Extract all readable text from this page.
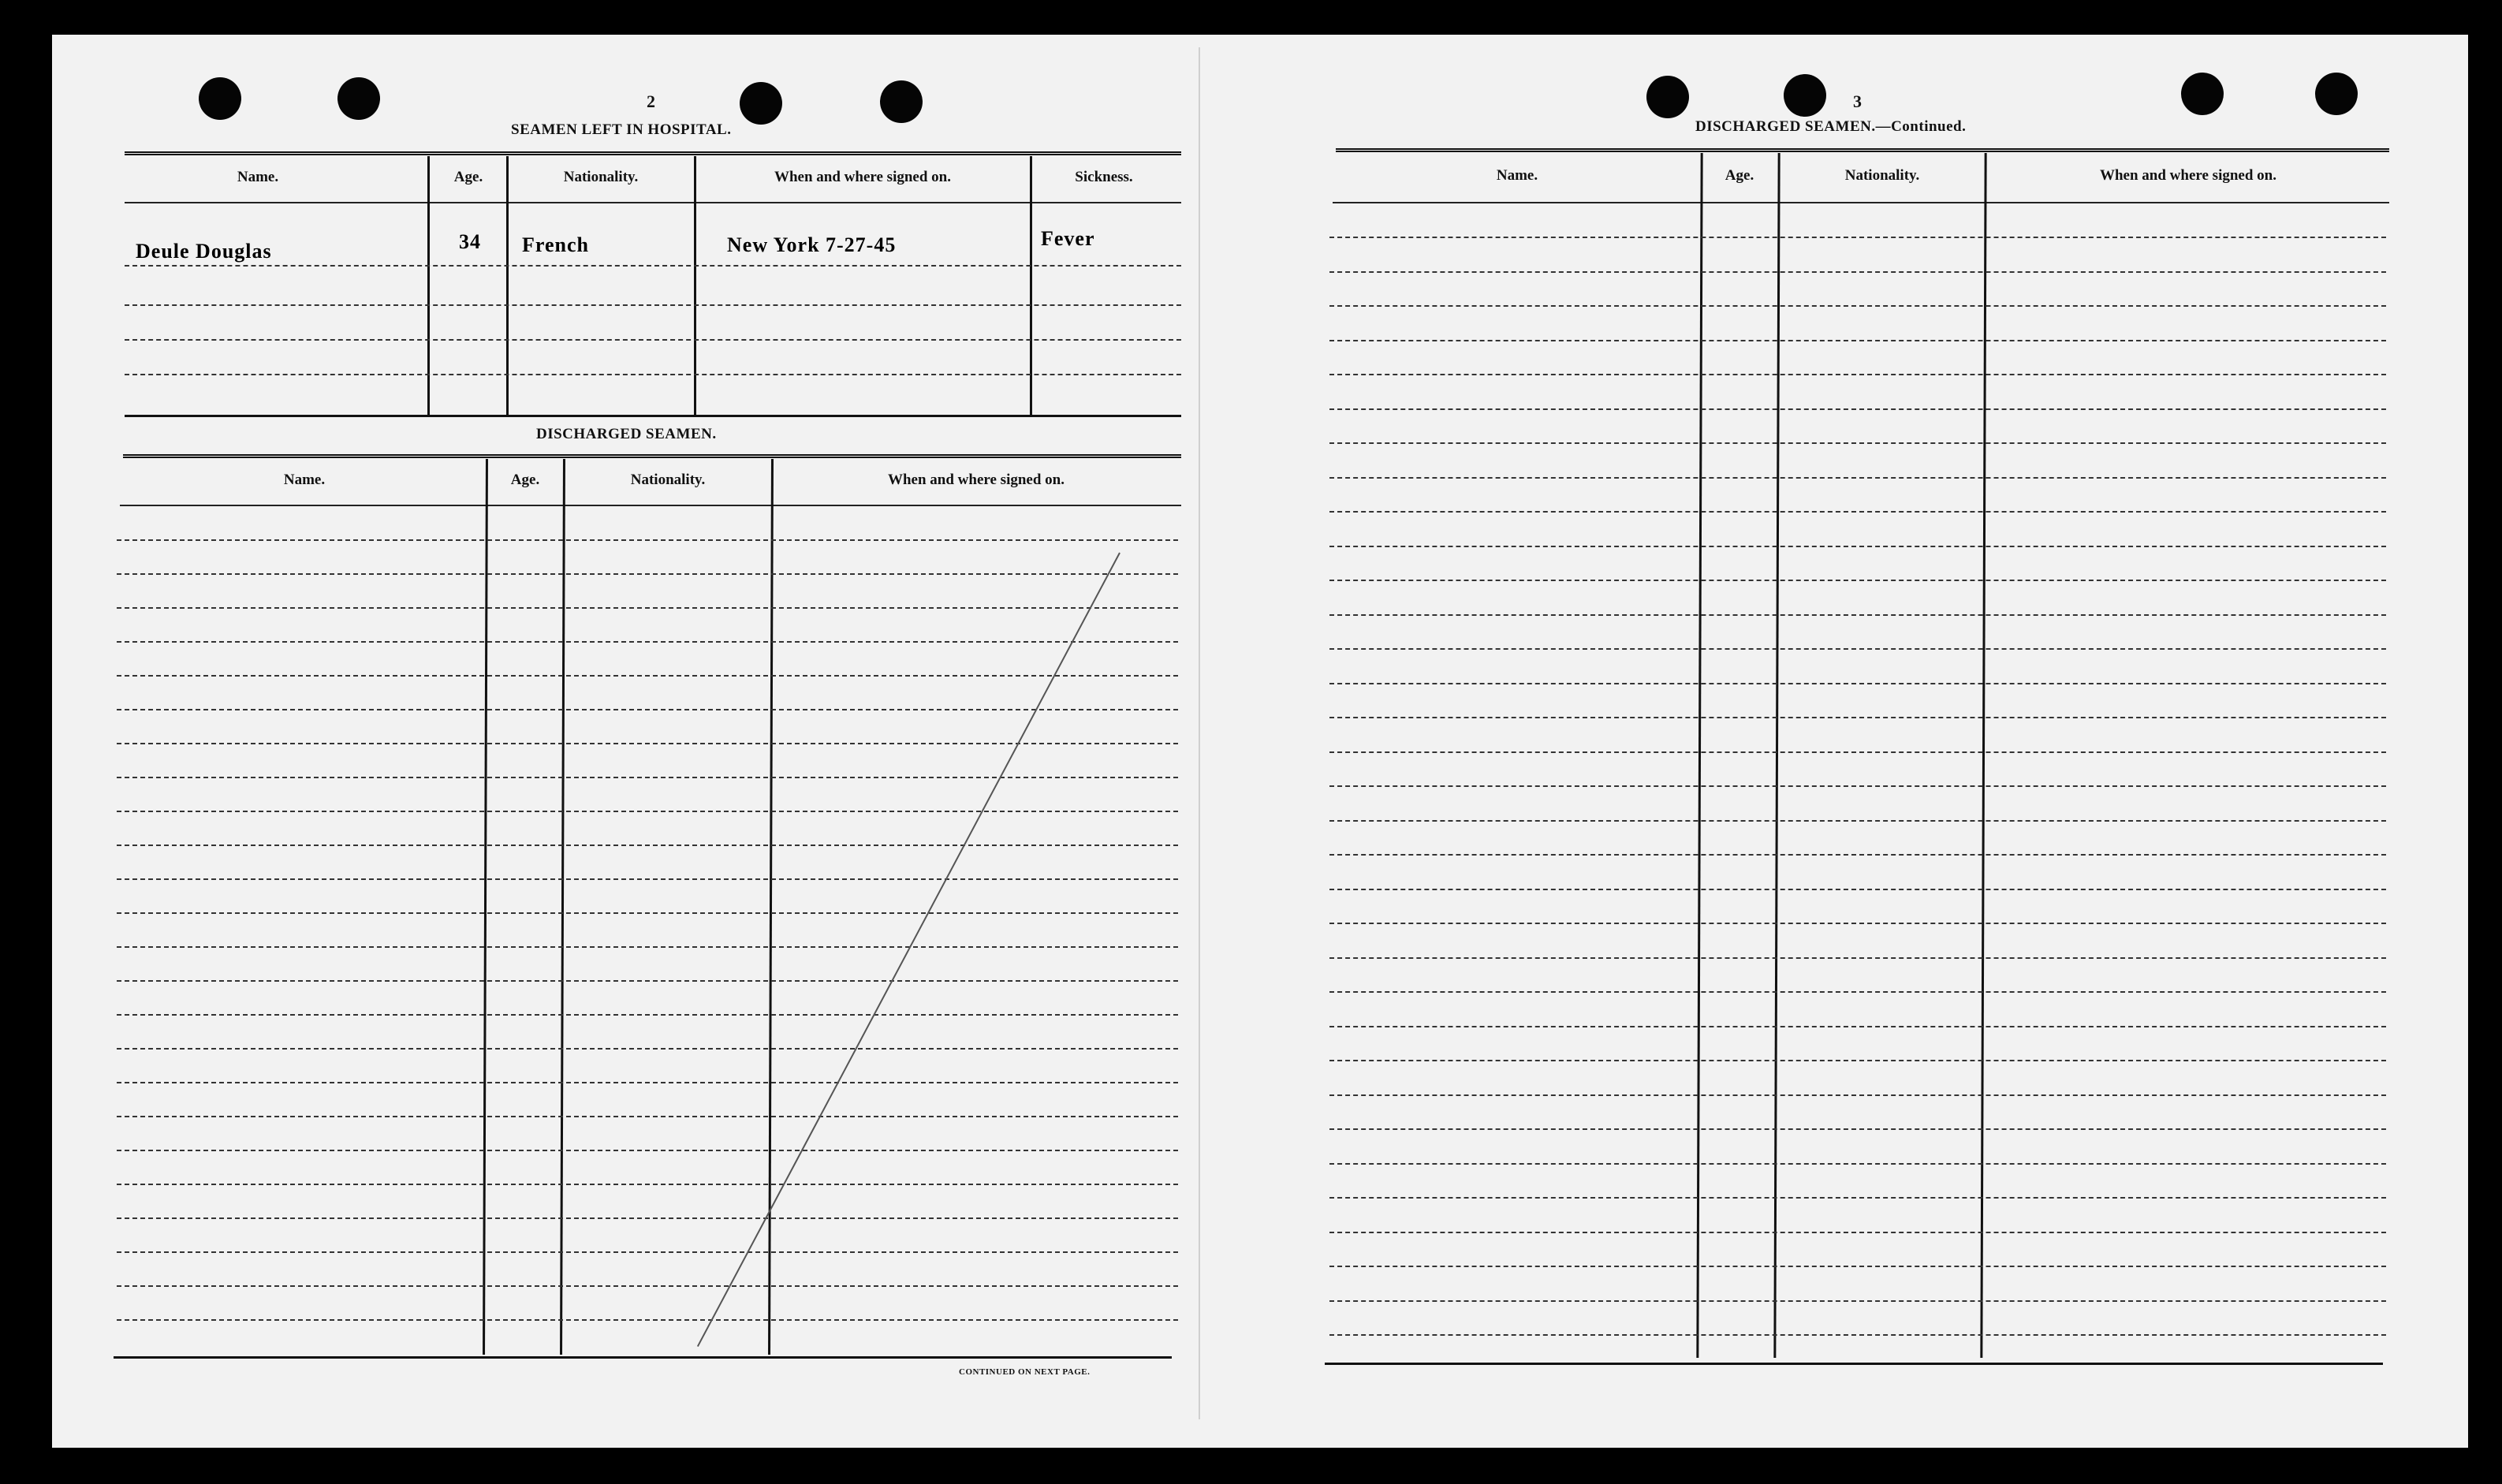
2
SEAMEN LEFT IN HOSPITAL.
Name.	Age.	Nationality.	When and where signed on.	Sickness.
Deule Douglas	34 French	New York 7-27-45	Fever
DISCHARGED SEAMEN.
Name.	Age.	Nationality.	When and where signed on.
CONTINUED ON NEXT PAGE.
3
DISCHARGED SEAMEN.—Continued.
Name.	Age.	Nationality.	When and where signed on.
